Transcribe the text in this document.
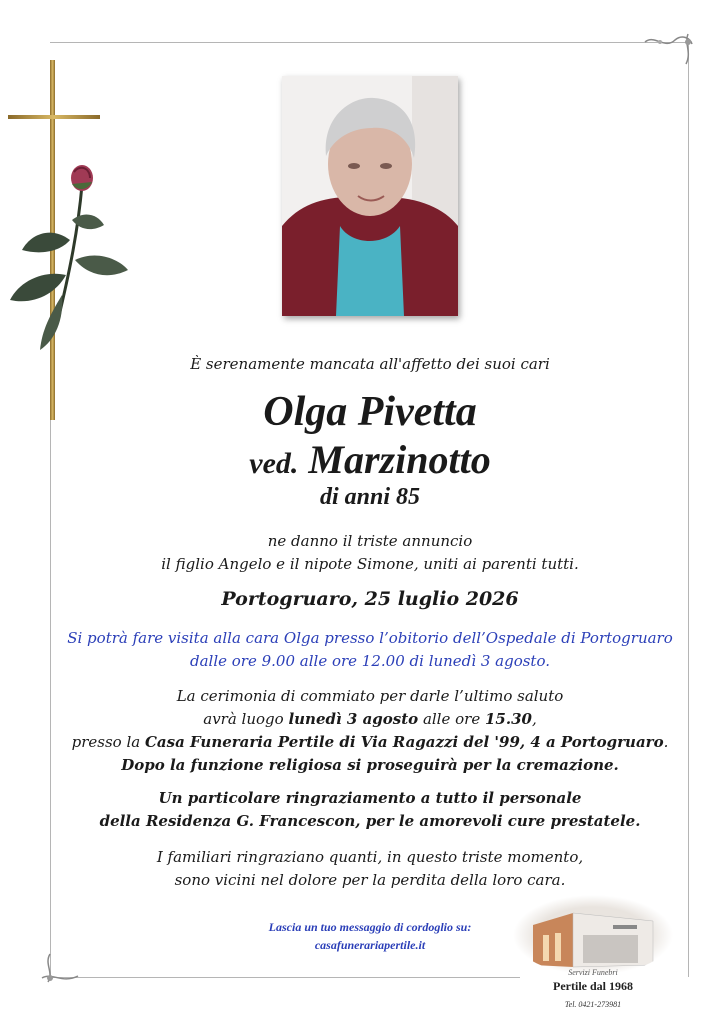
È serenamente mancata all'affetto dei suoi cari
Olga Pivetta
ved. Marzinotto
di anni 85
ne danno il triste annuncio
il figlio Angelo e il nipote Simone, uniti ai parenti tutti.
Portogruaro, 25 luglio 2026
Si potrà fare visita alla cara Olga presso l’obitorio dell’Ospedale di Portogruaro
dalle ore 9.00 alle ore 12.00 di lunedì 3 agosto.
La cerimonia di commiato per darle l’ultimo saluto
avrà luogo lunedì 3 agosto alle ore 15.30,
presso la Casa Funeraria Pertile di Via Ragazzi del '99, 4 a Portogruaro.
Dopo la funzione religiosa si proseguirà per la cremazione.
Un particolare ringraziamento a tutto il personale
della Residenza G. Francescon, per le amorevoli cure prestatele.
I familiari ringraziano quanti, in questo triste momento,
sono vicini nel dolore per la perdita della loro cara.
Lascia un tuo messaggio di cordoglio su:
casafunerariapertile.it
Servizi Funebri
Pertile dal 1968
Tel. 0421-273981
